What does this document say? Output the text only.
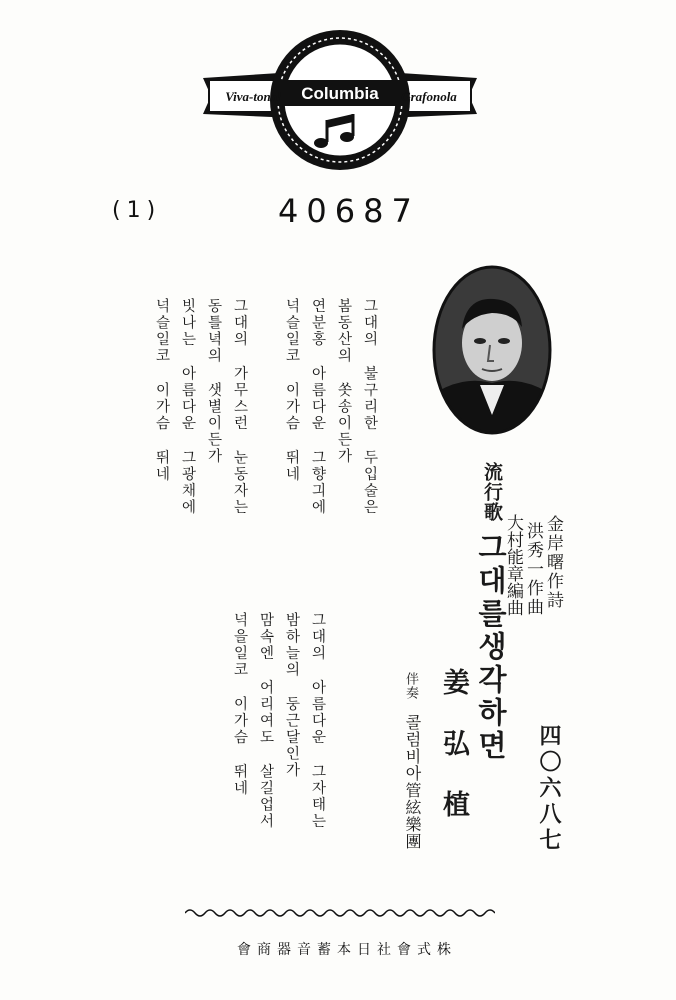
Columbia
Viva-tonal	Grafonola
(1)	40687
그대의 불구리한 두입술은
봄동산의 쏫송이든가
연분홍 아름다운 그향긔에
넉슬일코 이가슴 뛰네
그대의 가무스런 눈동자는
동틀녁의 샛별이든가
빗나는 아름다운 그광채에
넉슬일코 이가슴 뛰네
그대의 아름다운 그자태는
밤하늘의 둥근달인가
맘속엔 어리여도 살길업서
넉을일코 이가슴 뛰네
流行歌
그대를생각하면 金岸曙作詩
洪秀一作曲
大村能章編曲
四〇六八七
姜弘植
伴奏
콜럼비아管絃樂團
株式會社日本蓄音器商會
